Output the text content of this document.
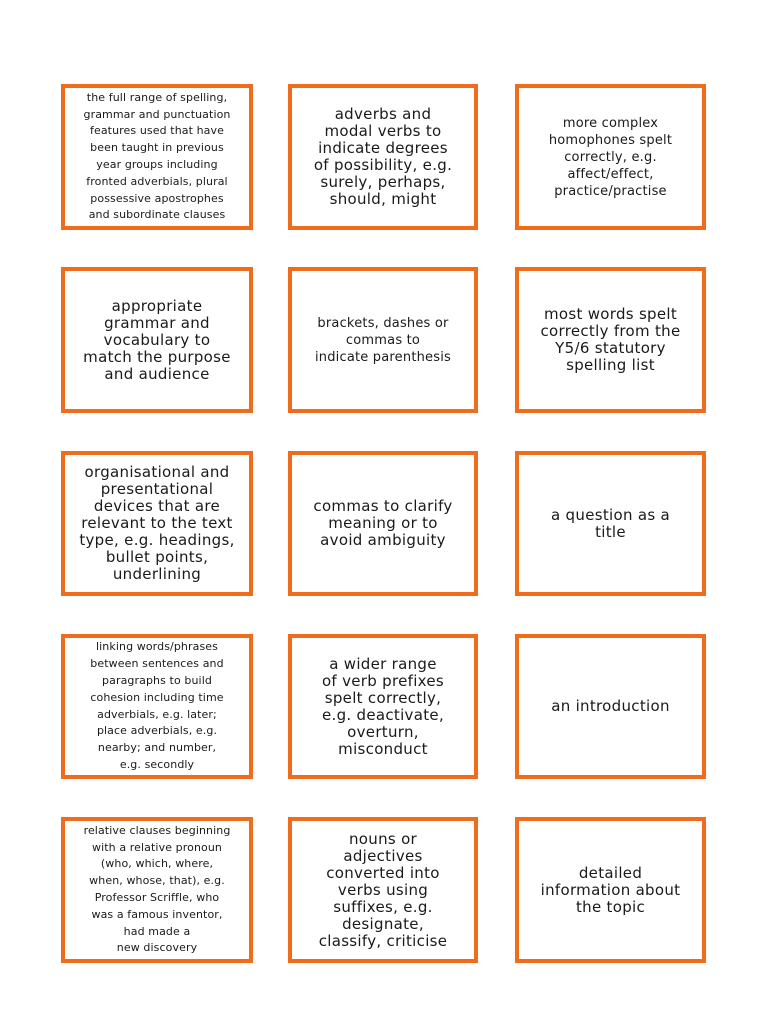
the full range of spelling,
grammar and punctuation
features used that have
been taught in previous
year groups including
fronted adverbials, plural
possessive apostrophes
and subordinate clauses
adverbs and
modal verbs to
indicate degrees
of possibility, e.g.
surely, perhaps,
should, might
more complex
homophones spelt
correctly, e.g.
affect/effect,
practice/practise
appropriate
grammar and
vocabulary to
match the purpose
and audience
brackets, dashes or
commas to
indicate parenthesis
most words spelt
correctly from the
Y5/6 statutory
spelling list
organisational and
presentational
devices that are
relevant to the text
type, e.g. headings,
bullet points,
underlining
commas to clarify
meaning or to
avoid ambiguity
a question as a
title
linking words/phrases
between sentences and
paragraphs to build
cohesion including time
adverbials, e.g. later;
place adverbials, e.g.
nearby; and number,
e.g. secondly
a wider range
of verb prefixes
spelt correctly,
e.g. deactivate,
overturn,
misconduct
an introduction
relative clauses beginning
with a relative pronoun
(who, which, where,
when, whose, that), e.g.
Professor Scriffle, who
was a famous inventor,
had made a
new discovery
nouns or
adjectives
converted into
verbs using
suffixes, e.g.
designate,
classify, criticise
detailed
information about
the topic
